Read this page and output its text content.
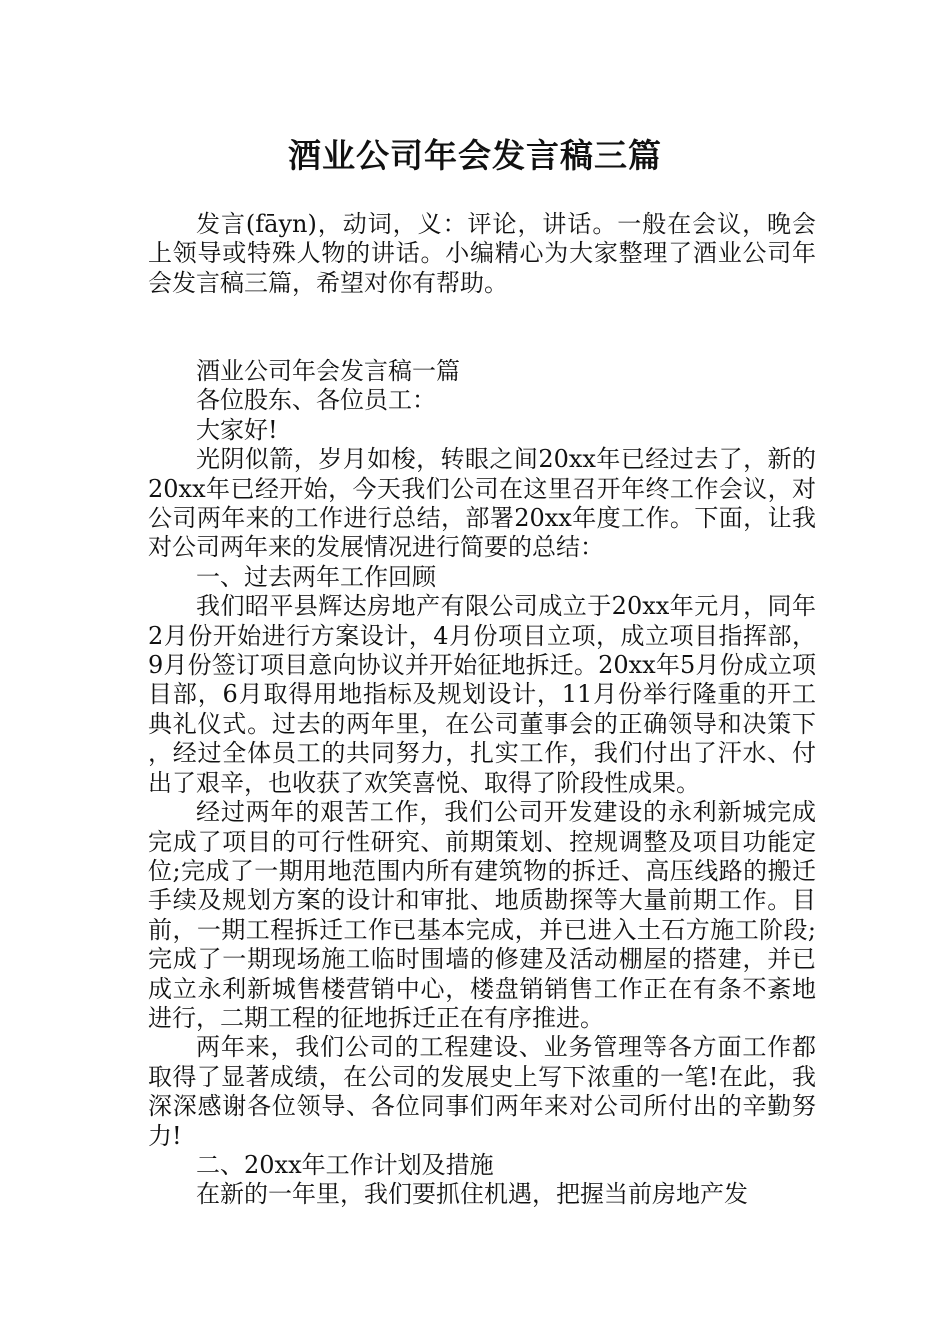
酒业公司年会发言稿三篇

发言(fāyn)，动词，义：评论，讲话。一般在会议，晚会上领导或特殊人物的讲话。小编精心为大家整理了酒业公司年会发言稿三篇，希望对你有帮助。

酒业公司年会发言稿一篇

各位股东、各位员工：

大家好!

光阴似箭，岁月如梭，转眼之间20xx年已经过去了，新的20xx年已经开始，今天我们公司在这里召开年终工作会议，对公司两年来的工作进行总结，部署20xx年度工作。下面，让我对公司两年来的发展情况进行简要的总结：

一、过去两年工作回顾

我们昭平县辉达房地产有限公司成立于20xx年元月，同年2月份开始进行方案设计，4月份项目立项，成立项目指挥部，9月份签订项目意向协议并开始征地拆迁。20xx年5月份成立项目部，6月取得用地指标及规划设计，11月份举行隆重的开工典礼仪式。过去的两年里，在公司董事会的正确领导和决策下，经过全体员工的共同努力，扎实工作，我们付出了汗水、付出了艰辛，也收获了欢笑喜悦、取得了阶段性成果。

经过两年的艰苦工作，我们公司开发建设的永利新城完成完成了项目的可行性研究、前期策划、控规调整及项目功能定位;完成了一期用地范围内所有建筑物的拆迁、高压线路的搬迁手续及规划方案的设计和审批、地质勘探等大量前期工作。目前，一期工程拆迁工作已基本完成，并已进入土石方施工阶段;完成了一期现场施工临时围墙的修建及活动棚屋的搭建，并已成立永利新城售楼营销中心，楼盘销销售工作正在有条不紊地进行，二期工程的征地拆迁正在有序推进。

两年来，我们公司的工程建设、业务管理等各方面工作都取得了显著成绩，在公司的发展史上写下浓重的一笔!在此，我深深感谢各位领导、各位同事们两年来对公司所付出的辛勤努力!

二、20xx年工作计划及措施

在新的一年里，我们要抓住机遇，把握当前房地产发
